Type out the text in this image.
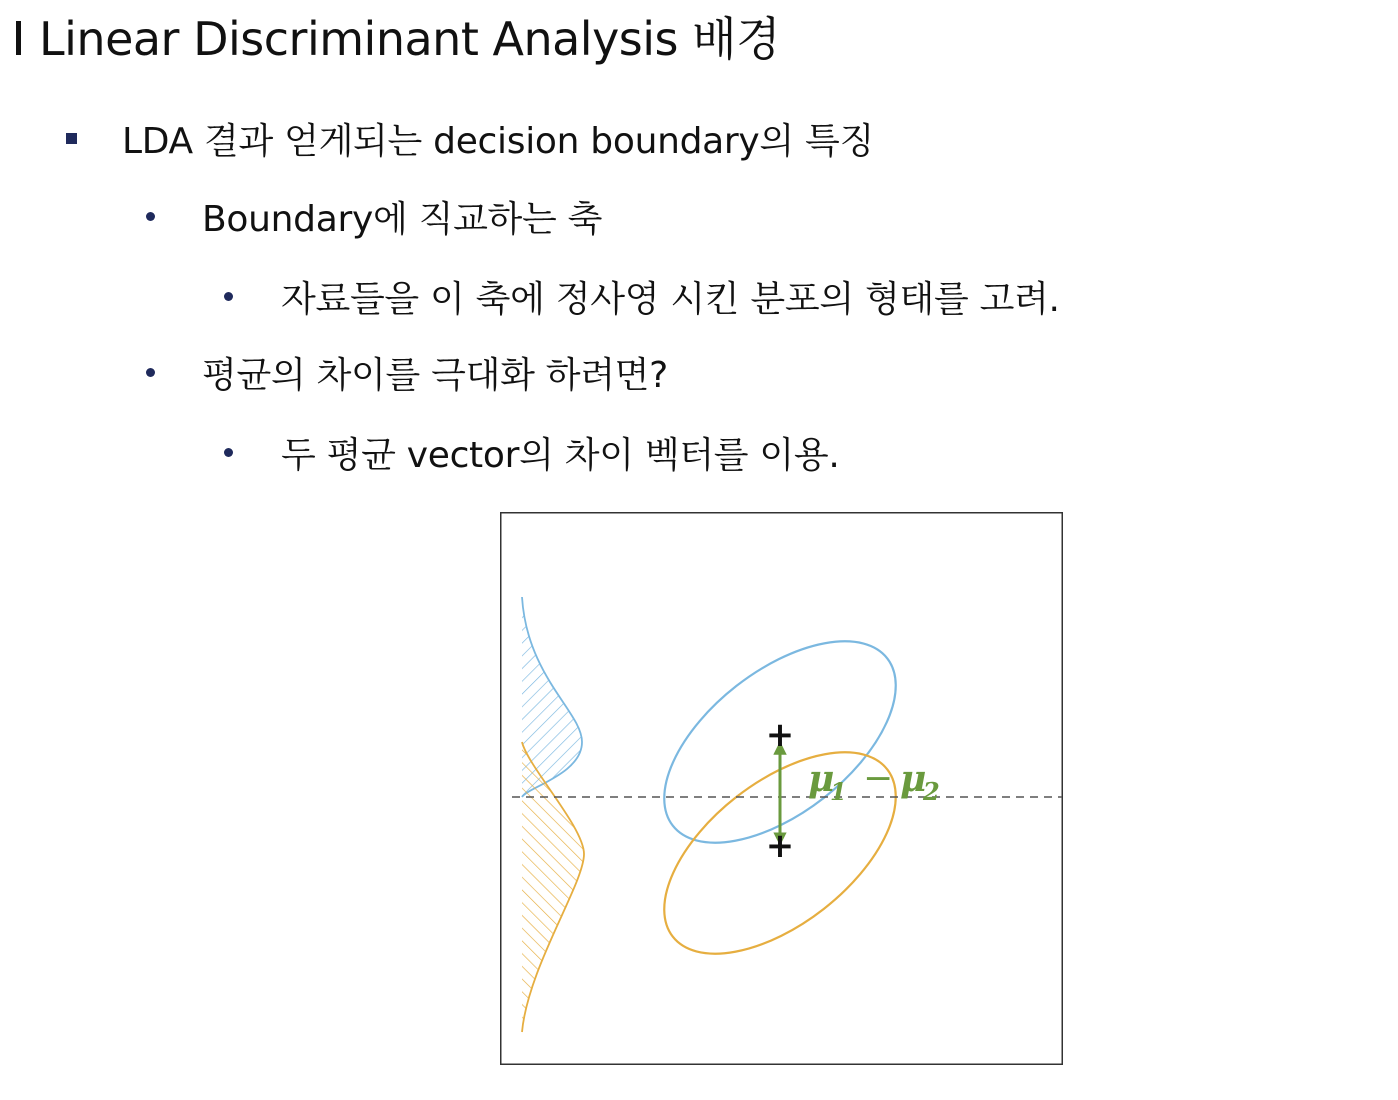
Linear Discriminant Analysis 배경
LDA 결과 얻게되는 decision boundary의 특징
Boundary에 직교하는 축
자료들을 이 축에 정사영 시킨 분포의 형태를 고려.
평균의 차이를 극대화 하려면?
두 평균 vector의 차이 벡터를 이용.
+
+
μ
1 − μ
2
